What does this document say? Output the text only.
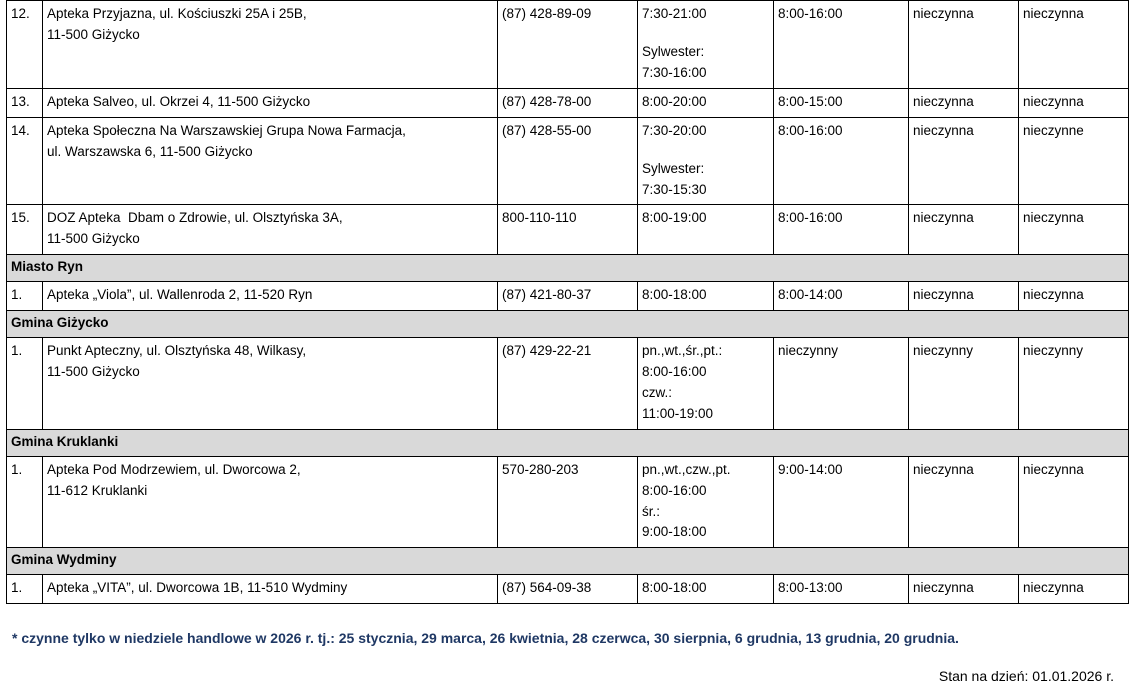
12.	Apteka Przyjazna, ul. Kościuszki 25A i 25B,
11-500 Giżycko	(87) 428-89-09	7:30-21:00
Sylwester:
7:30-16:00	8:00-16:00	nieczynna	nieczynna
13.	Apteka Salveo, ul. Okrzei 4, 11-500 Giżycko	(87) 428-78-00	8:00-20:00	8:00-15:00	nieczynna	nieczynna
14.	Apteka Społeczna Na Warszawskiej Grupa Nowa Farmacja,
ul. Warszawska 6, 11-500 Giżycko	(87) 428-55-00	7:30-20:00
Sylwester:
7:30-15:30	8:00-16:00	nieczynna	nieczynne
15.	DOZ Apteka  Dbam o Zdrowie, ul. Olsztyńska 3A,
11-500 Giżycko	800-110-110	8:00-19:00	8:00-16:00	nieczynna	nieczynna
Miasto Ryn						
1.	Apteka „Viola”, ul. Wallenroda 2, 11-520 Ryn	(87) 421-80-37	8:00-18:00	8:00-14:00	nieczynna	nieczynna
Gmina Giżycko						
1.	Punkt Apteczny, ul. Olsztyńska 48, Wilkasy,
11-500 Giżycko	(87) 429-22-21	pn.,wt.,śr.,pt.:
8:00-16:00
czw.:
11:00-19:00	nieczynny	nieczynny	nieczynny
Gmina Kruklanki						
1.	Apteka Pod Modrzewiem, ul. Dworcowa 2,
11-612 Kruklanki	570-280-203	pn.,wt.,czw.,pt.
8:00-16:00
śr.:
9:00-18:00	9:00-14:00	nieczynna	nieczynna
Gmina Wydminy						
1.	Apteka „VITA”, ul. Dworcowa 1B, 11-510 Wydminy	(87) 564-09-38	8:00-18:00	8:00-13:00	nieczynna	nieczynna
* czynne tylko w niedziele handlowe w 2026 r. tj.: 25 stycznia, 29 marca, 26 kwietnia, 28 czerwca, 30 sierpnia, 6 grudnia, 13 grudnia, 20 grudnia.
Stan na dzień: 01.01.2026 r.
